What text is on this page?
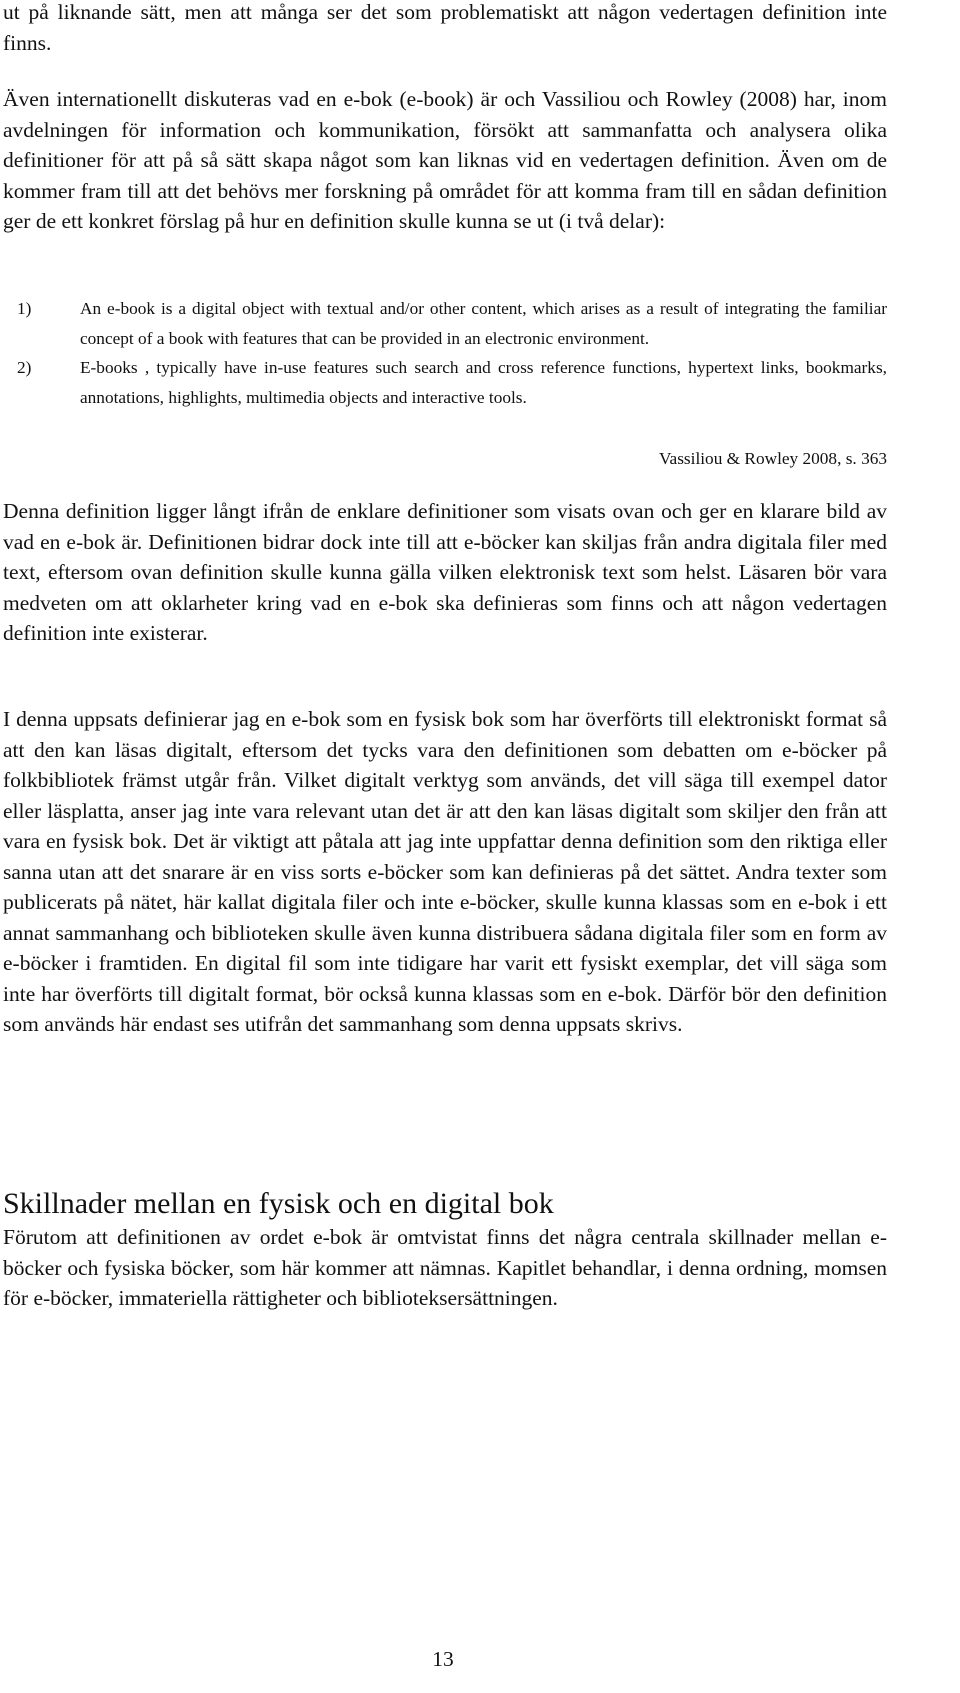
ut på liknande sätt, men att många ser det som problematiskt att någon vedertagen definition inte finns.

Även internationellt diskuteras vad en e-bok (e-book) är och Vassiliou och Rowley (2008) har, inom avdelningen för information och kommunikation, försökt att sammanfatta och analysera olika definitioner för att på så sätt skapa något som kan liknas vid en vedertagen definition. Även om de kommer fram till att det behövs mer forskning på området för att komma fram till en sådan definition ger de ett konkret förslag på hur en definition skulle kunna se ut (i två delar):

1)	An e-book is a digital object with textual and/or other content, which arises as a result of integrating the familiar concept of a book with features that can be provided in an electronic environment.
2)	E-books , typically have in-use features such search and cross reference functions, hypertext links, bookmarks, annotations, highlights, multimedia objects and interactive tools.

Vassiliou & Rowley 2008, s. 363

Denna definition ligger långt ifrån de enklare definitioner som visats ovan och ger en klarare bild av vad en e-bok är. Definitionen bidrar dock inte till att e-böcker kan skiljas från andra digitala filer med text, eftersom ovan definition skulle kunna gälla vilken elektronisk text som helst. Läsaren bör vara medveten om att oklarheter kring vad en e-bok ska definieras som finns och att någon vedertagen definition inte existerar.

I denna uppsats definierar jag en e-bok som en fysisk bok som har överförts till elektroniskt format så att den kan läsas digitalt, eftersom det tycks vara den definitionen som debatten om e-böcker på folkbibliotek främst utgår från. Vilket digitalt verktyg som används, det vill säga till exempel dator eller läsplatta, anser jag inte vara relevant utan det är att den kan läsas digitalt som skiljer den från att vara en fysisk bok. Det är viktigt att påtala att jag inte uppfattar denna definition som den riktiga eller sanna utan att det snarare är en viss sorts e-böcker som kan definieras på det sättet. Andra texter som publicerats på nätet, här kallat digitala filer och inte e-böcker, skulle kunna klassas som en e-bok i ett annat sammanhang och biblioteken skulle även kunna distribuera sådana digitala filer som en form av e-böcker i framtiden. En digital fil som inte tidigare har varit ett fysiskt exemplar, det vill säga som inte har överförts till digitalt format, bör också kunna klassas som en e-bok. Därför bör den definition som används här endast ses utifrån det sammanhang som denna uppsats skrivs.

Skillnader mellan en fysisk och en digital bok

Förutom att definitionen av ordet e-bok är omtvistat finns det några centrala skillnader mellan e-böcker och fysiska böcker, som här kommer att nämnas. Kapitlet behandlar, i denna ordning, momsen för e-böcker, immateriella rättigheter och biblioteksersättningen.

13
